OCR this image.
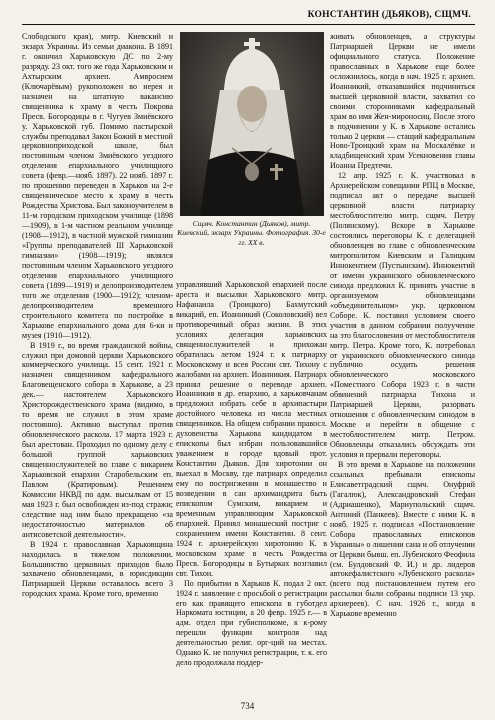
КОНСТАНТИН (ДЬЯКОВ), СЩМЧ.

Слободского края), митр. Киевский и экзарх Украины. Из семьи диакона. В 1891 г. окончил Харьковскую ДС по 2-му разряду. 23 окт. того же года Харьковским и Ахтырским архиеп. Амвросием (Ключарёвым) рукоположен во иерея и назначен на штатную вакансию священника к храму в честь Покрова Пресв. Богородицы в г. Чугуев Змиёвского у. Харьковской губ. Помимо пастырской службы преподавал Закон Божий в местной церковноприходской школе, был постоянным членом Змиёвского уездного отделения епархиального училищного совета (февр.—нояб. 1897). 22 нояб. 1897 г. по прошению переведен в Харьков на 2-е священническое место к храму в честь Рождества Христова. Был законоучителем в 11-м городском приходском училище (1898—1909), в 1-м частном реальном училище (1908—1912), в частной мужской гимназии «Группы преподавателей III Харьковской гимназии» (1908—1919); являлся постоянным членом Харьковского уездного отделения епархиального училищного совета (1899—1919) и делопроизводителем того же отделения (1900—1912); членом-делопроизводителем временного строительного комитета по постройке в Харькове епархиального дома для 6-ки и музея (1910—1912).

В 1919 г., во время гражданской войны, служил при домовой церкви Харьковского коммерческого училища. 15 сент. 1921 г. назначен священником кафедрального Благовещенского собора в Харькове, а 23 дек.— настоятелем Харьковского Христорождественского храма (видимо, в то время не служил в этом храме постоянно). Активно выступал против обновленческого раскола. 17 марта 1923 г. был арестован. Проходил по одному делу с большой группой харьковских священнослужителей во главе с викарием Харьковской епархии Старобельским еп. Павлом (Кратировым). Решением Комиссии НКВД по адм. высылкам от 15 мая 1923 г. был освобожден из-под стражи; следствие над ним было прекращено «за недостаточностью материалов об антисоветской деятельности».

В 1924 г. православная Харьковщина находилась в тяжелом положении. Большинство церковных приходов было захвачено обновленцами, в юрисдикции Патриаршей Церкви оставалось всего 3 городских храма. Кроме того, временно

Сщмч. Константин (Дьяков), митр. Киевский, экзарх Украины. Фотография. 30-е гг. XX в.

управлявший Харьковской епархией после ареста и высылки Харьковского митр. Нафанаила (Троицкого) Бахмутский викарий, еп. Иоанникий (Соколовский) вел противоречивый образ жизни. В этих условиях делегация харьковских священнослужителей и прихожан обратилась летом 1924 г. к патриарху Московскому и всея России свт. Тихону с жалобами на архиеп. Иоанникия. Патриарх принял решение о переводе архиеп. Иоанникия в др. епархию, а харьковчанам предложил избрать себе в архипастыри достойного человека из числа местных священников. На общем собрании правосл. духовенства Харькова кандидатом в епископы был избран пользовавшийся уважением в городе вдовый прот. Константин Дьяков. Для хиротонии он выехал в Москву, где патриарх определил ему по постригжении в монашество и возведении в сан архимандрита быть епископом Сумским, викарием и временным управляющим Харьковской епархией. Принял монашеский постриг с сохранением имени Константин. 8 сент. 1924 г. архиерейскую хиротонию К. в московском храме в честь Рождества Пресв. Богородицы в Бутырках возглавил свт. Тихон.

По прибытии в Харьков К. подал 2 окт. 1924 г. заявление с просьбой о регистрации его как правящего епископа в губотдел Наркомата юстиции, а 20 февр. 1925 г.— в адм. отдел при губисполкоме, к к-рому перешли функции контроля над деятельностью религ. орг-ций на местах. Однако К. не получил регистрации, т. к. его дело продолжала поддер-

живать обновленцев, а структуры Патриаршей Церкви не имели официального статуса. Положение православных в Харькове еще более осложнилось, когда в нач. 1925 г. архиеп. Иоанникий, отказавшийся подчиниться высшей церковной власти, захватил со своими сторонниками кафедральный храм во имя Жен-мироносиц. После этого в подчинении у К. в Харькове остались только 2 церкви — стащий кафедральным Ново-Троицкий храм на Москалёвке и кладбищенский храм Усекновения главы Иоанна Предтечи.

12 апр. 1925 г. К. участвовал в Архиерейском совещании РПЦ в Москве, подписал акт о передаче высшей церковной власти патриарху местоблюстителю митр. сщмч. Петру (Полянскому). Вскоре в Харькове состоялись переговоры К. с делегацией обновленцев во главе с обновленческим митрополитом Киевским и Галицким Иннокентием (Пустынским). Иннокентий от имени украинского обновленческого синода предложил К. принять участие в организуемом обновленцами «объединительном» укр. церковном Соборе. К. поставил условием своего участия в данном собрании полуучение на это благословения от местоблюстителя митр. Петра. Кроме того, К. потребовал от украинского обновленческого синода публично осудить решения обновленческого московского «Поместного Собора 1923 г. в части обвинений патриарха Тихона и Патриаршей Церкви, разорвать отношения с обновленческим синодом в Москве и перейти в общение с местоблюстителем митр. Петром. Обновленцы отказались обсуждать эти условия и прервали переговоры.

В это время в Харькове на положении ссыльных пребывали епископы Елисаветградский сщмч. Онуфрий (Гагалюк), Александровский Стефан (Адриашенко), Мариупольский сщмч. Антоний (Панкеев). Вместе с ними К. в нояб. 1925 г. подписал «Постановление Собора православных епископов Украины» о лишении сана и об отлучении от Церкви бывш. еп. Лубенского Феофила (см. Булдовский Ф. И.) и др. лидеров автокефалистского «Лубенского раскола» (всего под постановлением путем его рассылки были собраны подписи 13 укр. архиереев). С нач. 1926 г., когда в Харькове временно

734
